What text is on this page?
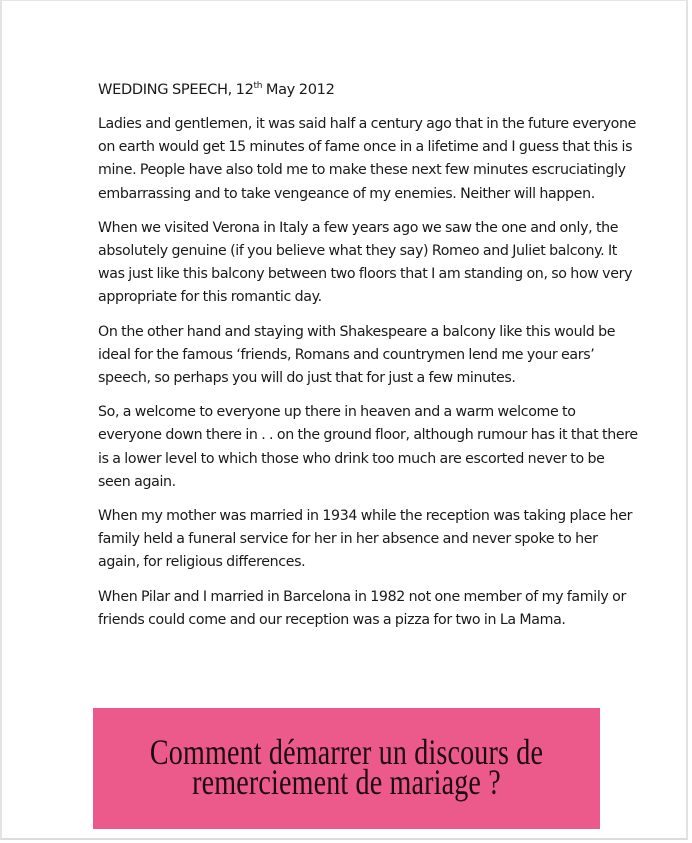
WEDDING SPEECH, 12th May 2012

Ladies and gentlemen, it was said half a century ago that in the future everyone on earth would get 15 minutes of fame once in a lifetime and I guess that this is mine. People have also told me to make these next few minutes escruciatingly embarrassing and to take vengeance of my enemies. Neither will happen.

When we visited Verona in Italy a few years ago we saw the one and only, the absolutely genuine (if you believe what they say) Romeo and Juliet balcony. It was just like this balcony between two floors that I am standing on, so how very appropriate for this romantic day.

On the other hand and staying with Shakespeare a balcony like this would be ideal for the famous ‘friends, Romans and countrymen lend me your ears’ speech, so perhaps you will do just that for just a few minutes.

So, a welcome to everyone up there in heaven and a warm welcome to everyone down there in . . on the ground floor, although rumour has it that there is a lower level to which those who drink too much are escorted never to be seen again.

When my mother was married in 1934 while the reception was taking place her family held a funeral service for her in her absence and never spoke to her again, for religious differences.

When Pilar and I married in Barcelona in 1982 not one member of my family or friends could come and our reception was a pizza for two in La Mama.

Comment démarrer un discours de remerciement de mariage ?
